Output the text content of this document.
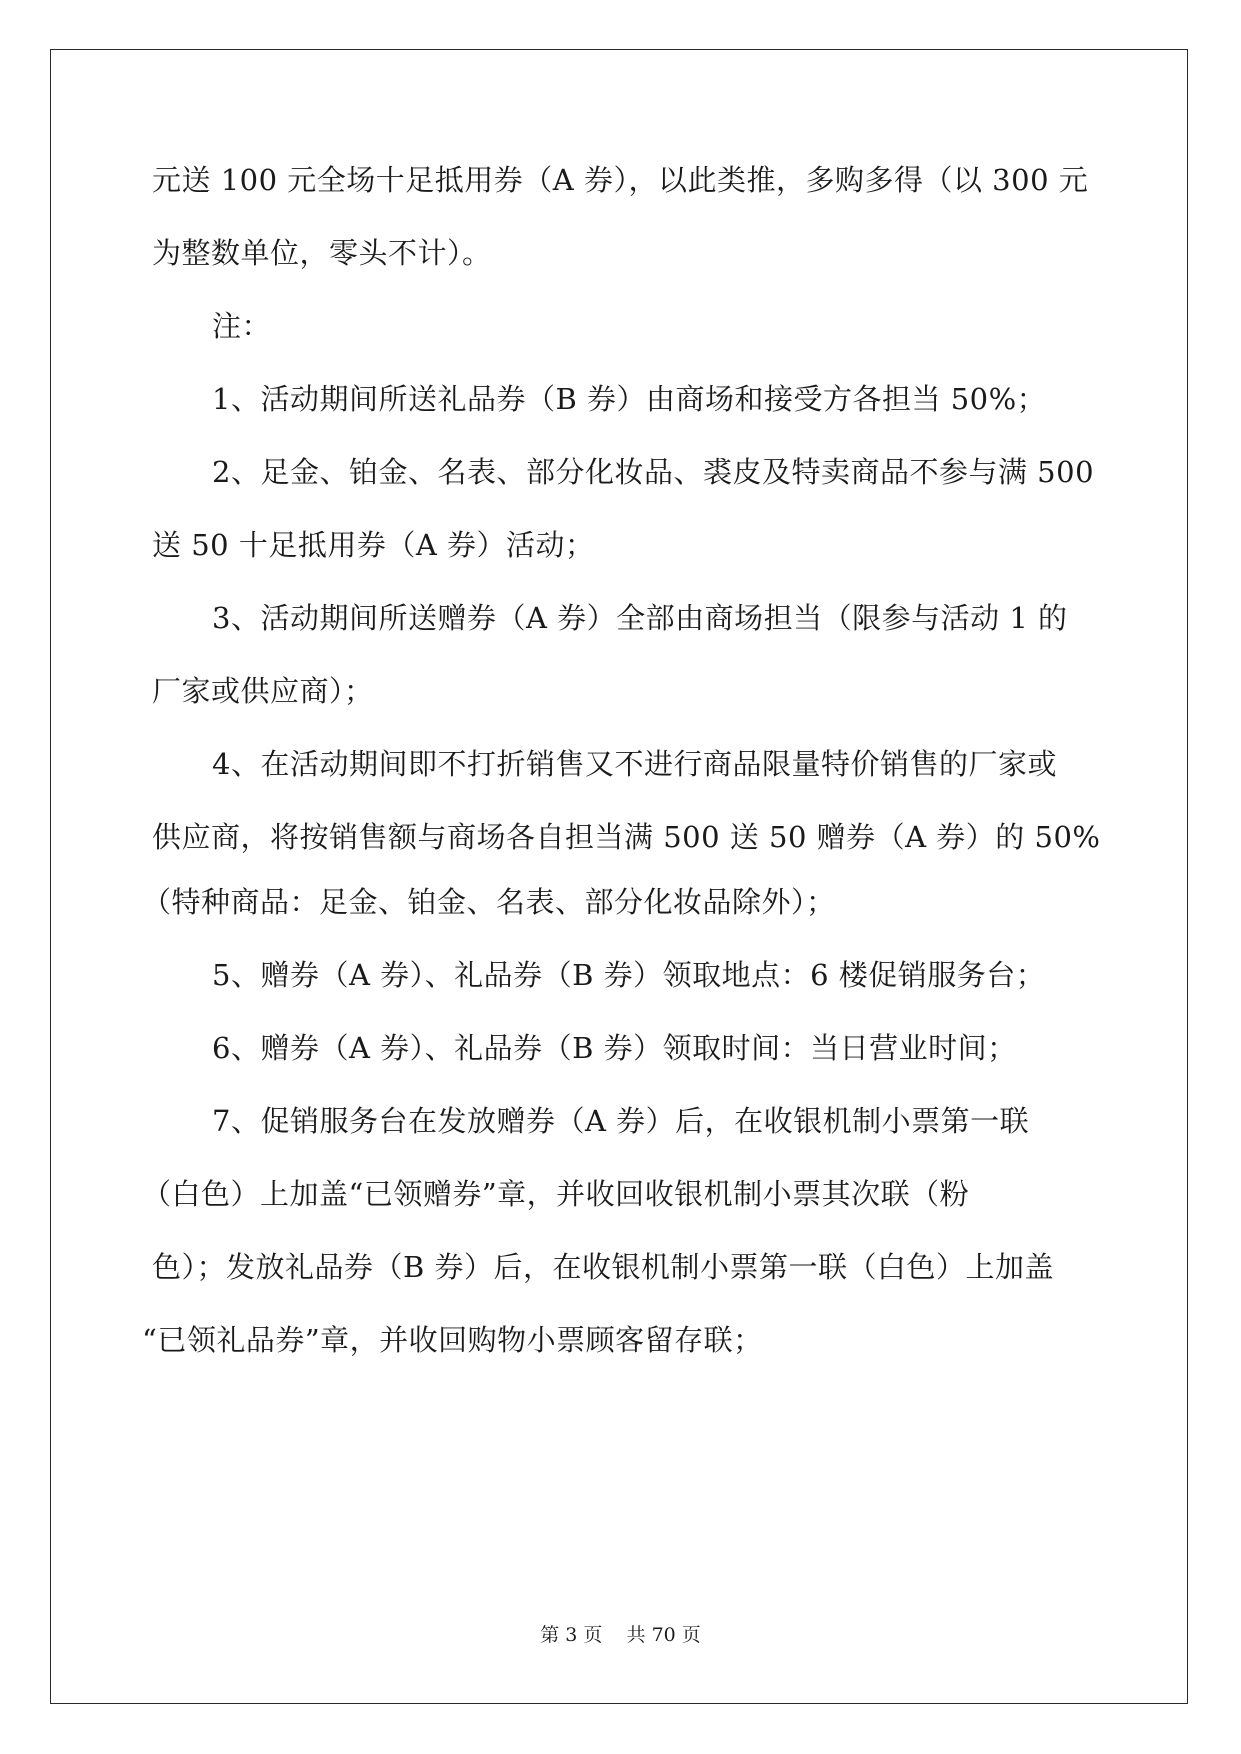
元送 100 元全场十足抵用券（A 券），以此类推，多购多得（以 300 元
为整数单位，零头不计）。
注：
1、活动期间所送礼品券（B 券）由商场和接受方各担当 50%；
2、足金、铂金、名表、部分化妆品、裘皮及特卖商品不参与满 500
送 50 十足抵用券（A 券）活动；
3、活动期间所送赠券（A 券）全部由商场担当（限参与活动 1 的
厂家或供应商）；
4、在活动期间即不打折销售又不进行商品限量特价销售的厂家或
供应商，将按销售额与商场各自担当满 500 送 50 赠券（A 券）的 50%
（特种商品：足金、铂金、名表、部分化妆品除外）；
5、赠券（A 券）、礼品券（B 券）领取地点：6 楼促销服务台；
6、赠券（A 券）、礼品券（B 券）领取时间：当日营业时间；
7、促销服务台在发放赠券（A 券）后，在收银机制小票第一联
（白色）上加盖“已领赠券”章，并收回收银机制小票其次联（粉
色）；发放礼品券（B 券）后，在收银机制小票第一联（白色）上加盖
“已领礼品券”章，并收回购物小票顾客留存联；
第 3 页    共 70 页
